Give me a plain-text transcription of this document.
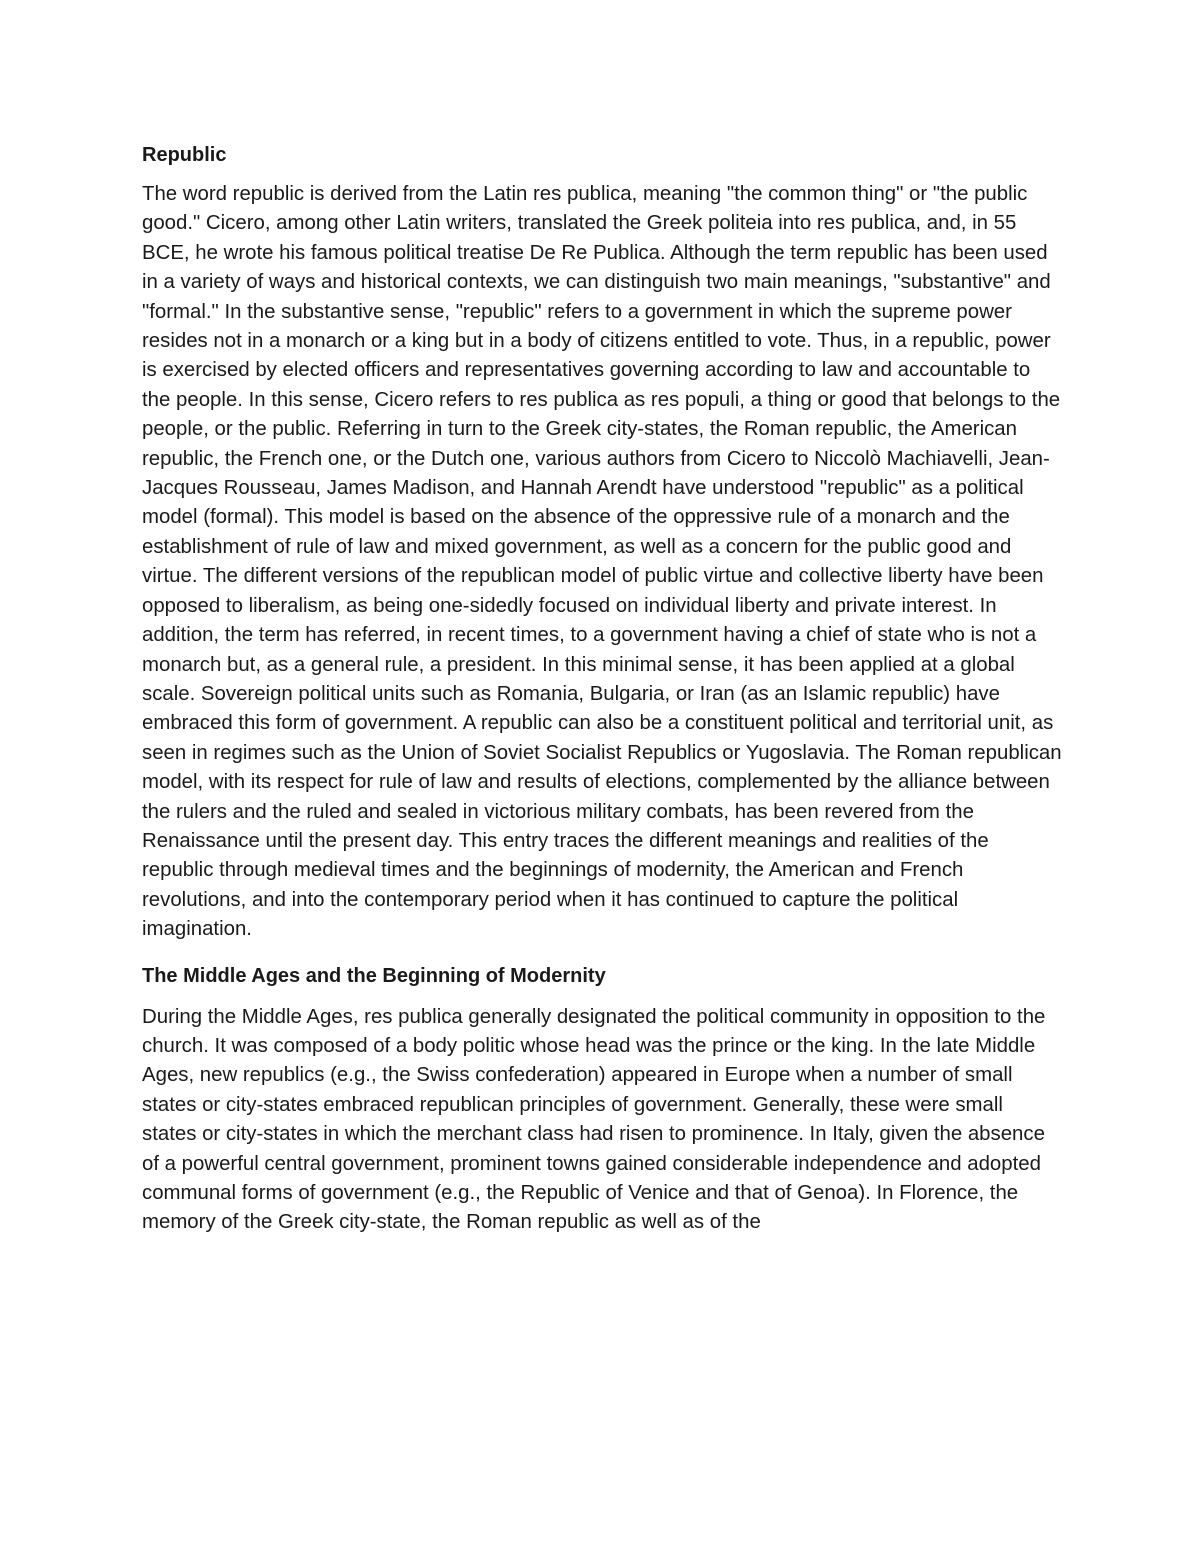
Republic

The word republic is derived from the Latin res publica, meaning "the common thing" or "the public good." Cicero, among other Latin writers, translated the Greek politeia into res publica, and, in 55 BCE, he wrote his famous political treatise De Re Publica. Although the term republic has been used in a variety of ways and historical contexts, we can distinguish two main meanings, "substantive" and "formal." In the substantive sense, "republic" refers to a government in which the supreme power resides not in a monarch or a king but in a body of citizens entitled to vote. Thus, in a republic, power is exercised by elected officers and representatives governing according to law and accountable to the people. In this sense, Cicero refers to res publica as res populi, a thing or good that belongs to the people, or the public. Referring in turn to the Greek city-states, the Roman republic, the American republic, the French one, or the Dutch one, various authors from Cicero to Niccolò Machiavelli, Jean-Jacques Rousseau, James Madison, and Hannah Arendt have understood "republic" as a political model (formal). This model is based on the absence of the oppressive rule of a monarch and the establishment of rule of law and mixed government, as well as a concern for the public good and virtue. The different versions of the republican model of public virtue and collective liberty have been opposed to liberalism, as being one-sidedly focused on individual liberty and private interest. In addition, the term has referred, in recent times, to a government having a chief of state who is not a monarch but, as a general rule, a president. In this minimal sense, it has been applied at a global scale. Sovereign political units such as Romania, Bulgaria, or Iran (as an Islamic republic) have embraced this form of government. A republic can also be a constituent political and territorial unit, as seen in regimes such as the Union of Soviet Socialist Republics or Yugoslavia. The Roman republican model, with its respect for rule of law and results of elections, complemented by the alliance between the rulers and the ruled and sealed in victorious military combats, has been revered from the Renaissance until the present day. This entry traces the different meanings and realities of the republic through medieval times and the beginnings of modernity, the American and French revolutions, and into the contemporary period when it has continued to capture the political imagination.

The Middle Ages and the Beginning of Modernity

During the Middle Ages, res publica generally designated the political community in opposition to the church. It was composed of a body politic whose head was the prince or the king. In the late Middle Ages, new republics (e.g., the Swiss confederation) appeared in Europe when a number of small states or city-states embraced republican principles of government. Generally, these were small states or city-states in which the merchant class had risen to prominence. In Italy, given the absence of a powerful central government, prominent towns gained considerable independence and adopted communal forms of government (e.g., the Republic of Venice and that of Genoa). In Florence, the memory of the Greek city-state, the Roman republic as well as of the
